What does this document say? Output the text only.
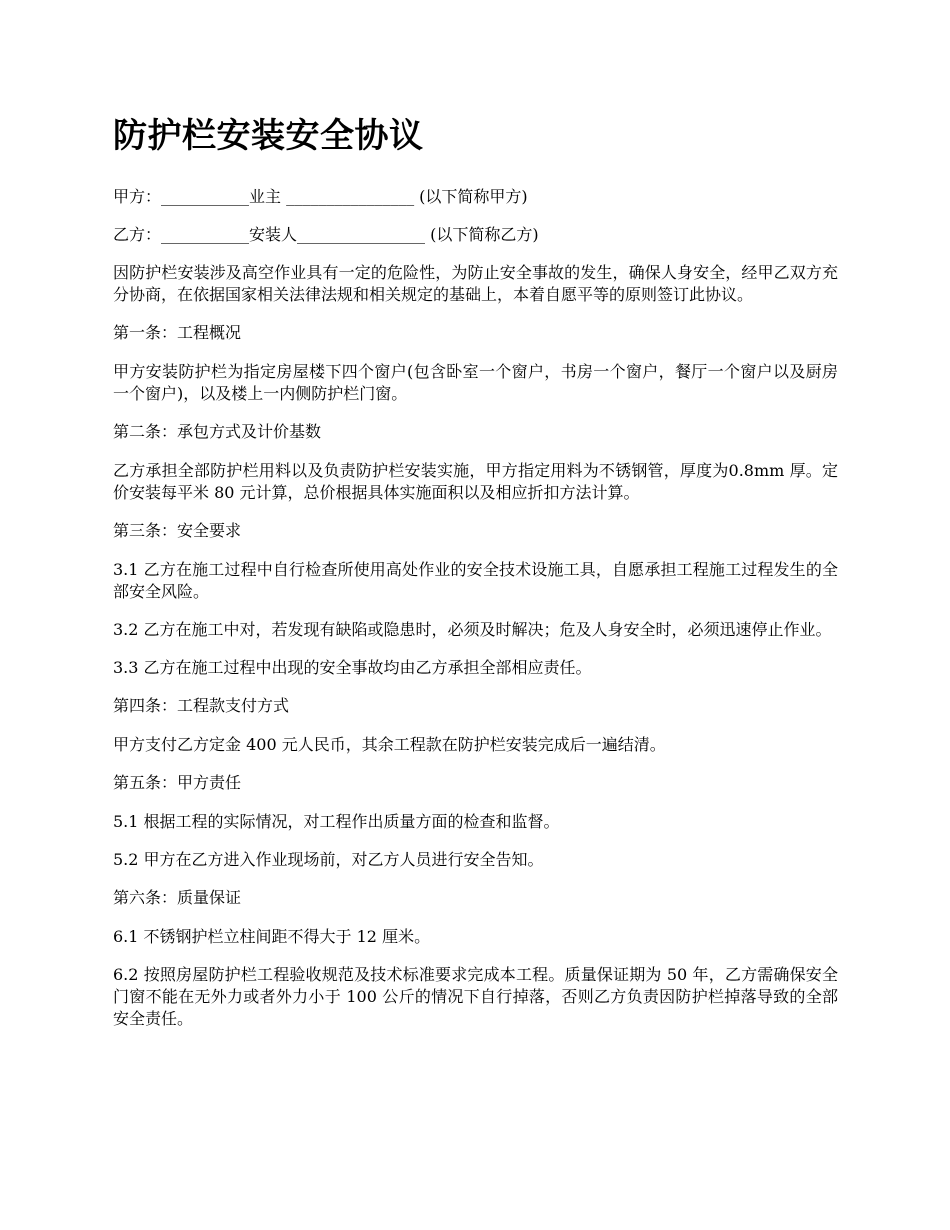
防护栏安装安全协议

甲方：___________业主 ________________ (以下简称甲方)

乙方：___________安装人________________ (以下简称乙方)

因防护栏安装涉及高空作业具有一定的危险性，为防止安全事故的发生，确保人身安全，经甲乙双方充分协商，在依据国家相关法律法规和相关规定的基础上，本着自愿平等的原则签订此协议。

第一条：工程概况

甲方安装防护栏为指定房屋楼下四个窗户(包含卧室一个窗户，书房一个窗户，餐厅一个窗户以及厨房一个窗户)，以及楼上一内侧防护栏门窗。

第二条：承包方式及计价基数

乙方承担全部防护栏用料以及负责防护栏安装实施，甲方指定用料为不锈钢管，厚度为0.8mm 厚。定价安装每平米 80 元计算，总价根据具体实施面积以及相应折扣方法计算。

第三条：安全要求

3.1 乙方在施工过程中自行检查所使用高处作业的安全技术设施工具，自愿承担工程施工过程发生的全部安全风险。

3.2 乙方在施工中对，若发现有缺陷或隐患时，必须及时解决；危及人身安全时，必须迅速停止作业。

3.3 乙方在施工过程中出现的安全事故均由乙方承担全部相应责任。

第四条：工程款支付方式

甲方支付乙方定金 400 元人民币，其余工程款在防护栏安装完成后一遍结清。

第五条：甲方责任

5.1 根据工程的实际情况，对工程作出质量方面的检查和监督。

5.2 甲方在乙方进入作业现场前，对乙方人员进行安全告知。

第六条：质量保证

6.1 不锈钢护栏立柱间距不得大于 12 厘米。

6.2 按照房屋防护栏工程验收规范及技术标准要求完成本工程。质量保证期为 50 年，乙方需确保安全门窗不能在无外力或者外力小于 100 公斤的情况下自行掉落，否则乙方负责因防护栏掉落导致的全部安全责任。
